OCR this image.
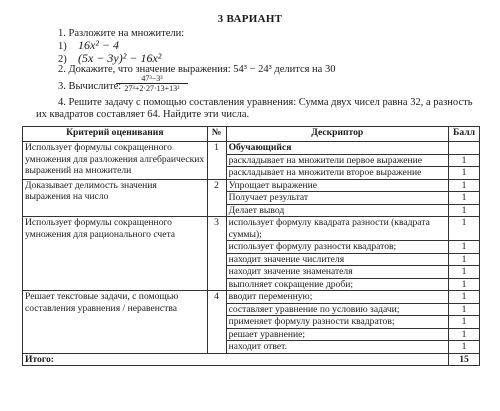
3 ВАРИАНТ
1. Разложите на множители:
1) 16x² − 4
2) (5x − 3y)² − 16x²
2. Докажите, что значение выражения: 54³ − 24³ делится на 30
3. Вычислите:
$\frac{\text{47³−3³}}{\text{27³+2·27·13+13²}}$
4. Решите задачу с помощью составления уравнения: Сумма двух чисел равна 32, а разность
их квадратов составляет 64. Найдите эти числа.
Критерий оценивания	№	Дескриптор	Балл
Использует формулы сокращенного умножения для разложения алгебраических выражений на множители	1	Обучающийся	
		раскладывает на множители первое выражение	1
		раскладывает на множители второе выражение	1
Доказывает делимость значения выражения на число	2	Упрощает выражение	1
		Получает результат	1
		Делает вывод	1
Использует формулы сокращенного умножения для рационального счета	3	использует формулу квадрата разности (квадрата суммы);	1
		использует формулу разности квадратов;	1
		находит значение числителя	1
		находит значение знаменателя	1
		выполняет сокращение дроби;	1
Решает текстовые задачи, с помощью составления уравнения / неравенства	4	вводит переменную;	1
		составляет уравнение по условию задачи;	1
		применяет формулу разности квадратов;	1
		решает уравнение;	1
		находит ответ.	1
Итого:			15
